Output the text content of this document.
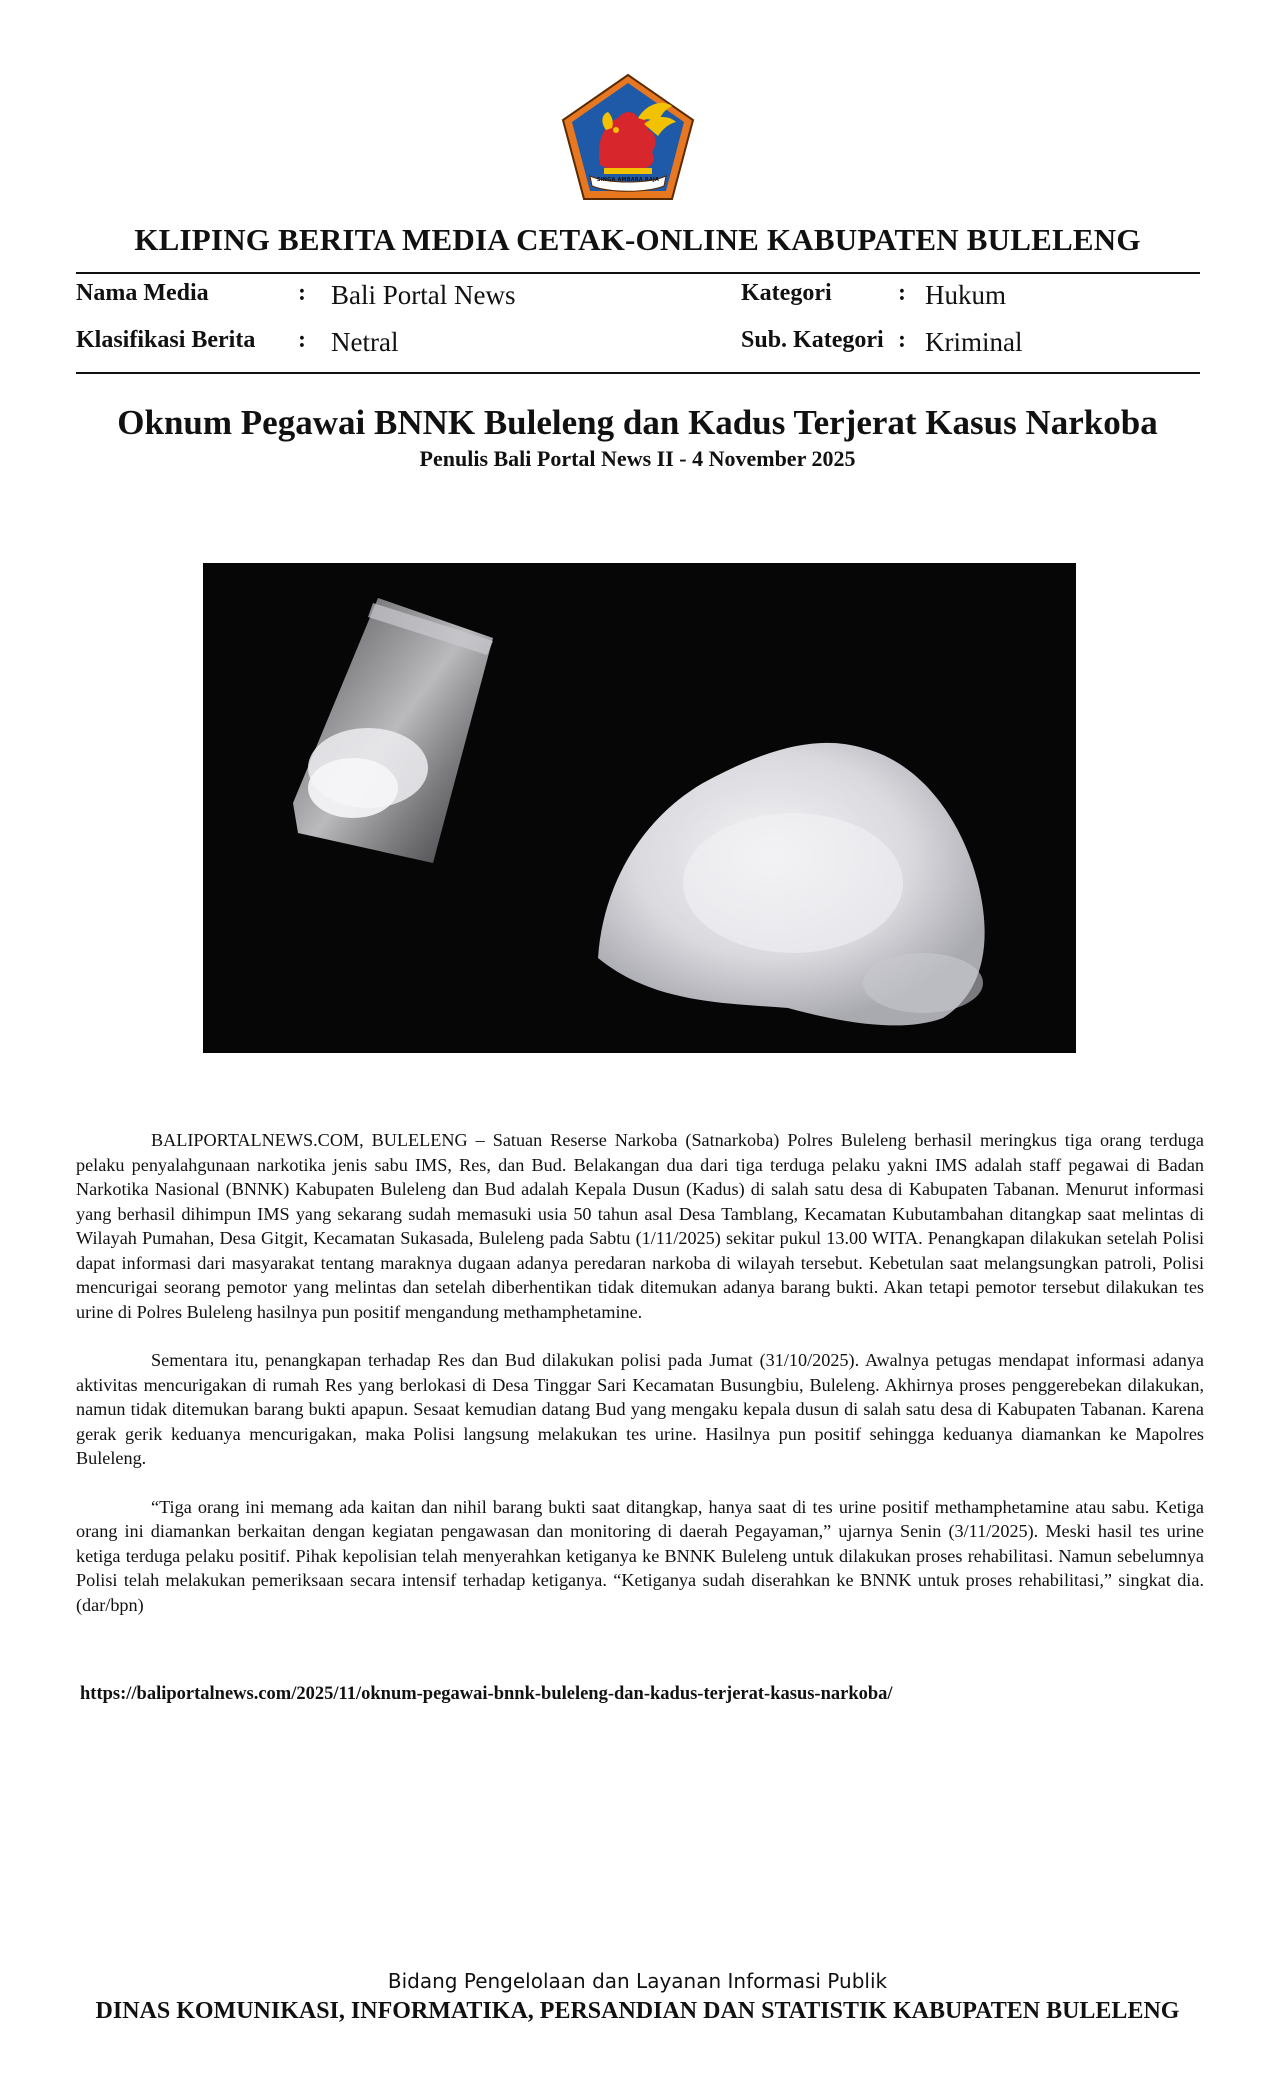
SINGA AMBARA RAJA
KLIPING BERITA MEDIA CETAK-ONLINE KABUPATEN BULELENG
Nama Media	: Bali Portal News
Klasifikasi Berita : Netral
Kategori	: Hukum
Sub. Kategori : Kriminal
Oknum Pegawai BNNK Buleleng dan Kadus Terjerat Kasus Narkoba
Penulis Bali Portal News II - 4 November 2025

BALIPORTALNEWS.COM, BULELENG – Satuan Reserse Narkoba (Satnarkoba) Polres Buleleng berhasil meringkus tiga orang terduga pelaku penyalahgunaan narkotika jenis sabu IMS, Res, dan Bud. Belakangan dua dari tiga terduga pelaku yakni IMS adalah staff pegawai di Badan Narkotika Nasional (BNNK) Kabupaten Buleleng dan Bud adalah Kepala Dusun (Kadus) di salah satu desa di Kabupaten Tabanan. Menurut informasi yang berhasil dihimpun IMS yang sekarang sudah memasuki usia 50 tahun asal Desa Tamblang, Kecamatan Kubutambahan ditangkap saat melintas di Wilayah Pumahan, Desa Gitgit, Kecamatan Sukasada, Buleleng pada Sabtu (1/11/2025) sekitar pukul 13.00 WITA. Penangkapan dilakukan setelah Polisi dapat informasi dari masyarakat tentang maraknya dugaan adanya peredaran narkoba di wilayah tersebut. Kebetulan saat melangsungkan patroli, Polisi mencurigai seorang pemotor yang melintas dan setelah diberhentikan tidak ditemukan adanya barang bukti. Akan tetapi pemotor tersebut dilakukan tes urine di Polres Buleleng hasilnya pun positif mengandung methamphetamine.

Sementara itu, penangkapan terhadap Res dan Bud dilakukan polisi pada Jumat (31/10/2025). Awalnya petugas mendapat informasi adanya aktivitas mencurigakan di rumah Res yang berlokasi di Desa Tinggar Sari Kecamatan Busungbiu, Buleleng. Akhirnya proses penggerebekan dilakukan, namun tidak ditemukan barang bukti apapun. Sesaat kemudian datang Bud yang mengaku kepala dusun di salah satu desa di Kabupaten Tabanan. Karena gerak gerik keduanya mencurigakan, maka Polisi langsung melakukan tes urine. Hasilnya pun positif sehingga keduanya diamankan ke Mapolres Buleleng.

“Tiga orang ini memang ada kaitan dan nihil barang bukti saat ditangkap, hanya saat di tes urine positif methamphetamine atau sabu. Ketiga orang ini diamankan berkaitan dengan kegiatan pengawasan dan monitoring di daerah Pegayaman,” ujarnya Senin (3/11/2025). Meski hasil tes urine ketiga terduga pelaku positif. Pihak kepolisian telah menyerahkan ketiganya ke BNNK Buleleng untuk dilakukan proses rehabilitasi. Namun sebelumnya Polisi telah melakukan pemeriksaan secara intensif terhadap ketiganya. “Ketiganya sudah diserahkan ke BNNK untuk proses rehabilitasi,” singkat dia.(dar/bpn)

https://baliportalnews.com/2025/11/oknum-pegawai-bnnk-buleleng-dan-kadus-terjerat-kasus-narkoba/
Bidang Pengelolaan dan Layanan Informasi Publik
DINAS KOMUNIKASI, INFORMATIKA, PERSANDIAN DAN STATISTIK KABUPATEN BULELENG
